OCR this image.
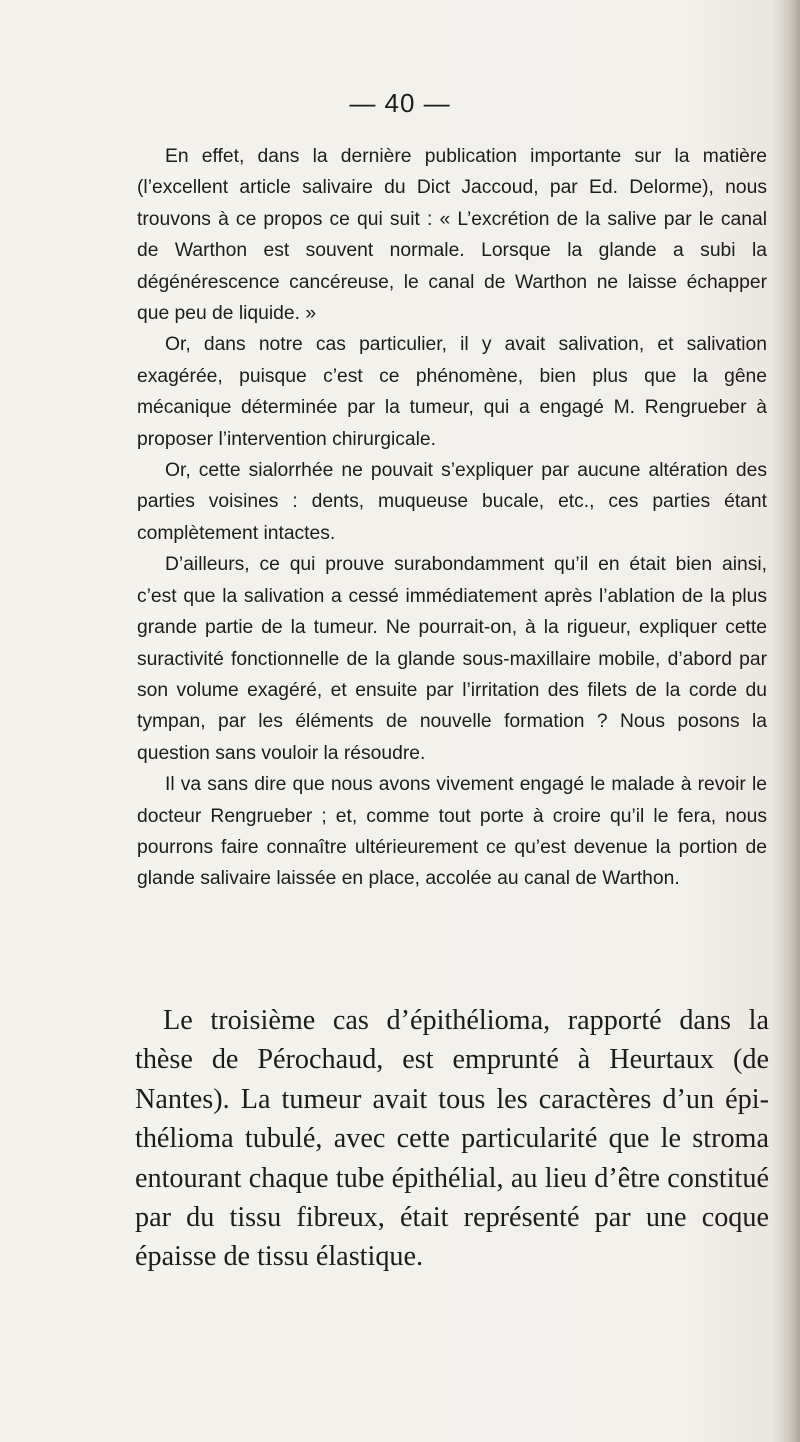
— 40 —

En effet, dans la dernière publication importante sur la matière (l’excellent article salivaire du Dict Jaccoud, par Ed. Delorme), nous trouvons à ce propos ce qui suit : « L’excrétion de la salive par le canal de Warthon est souvent normale. Lorsque la glande a subi la dégénérescence cancéreuse, le canal de Warthon ne laisse échapper que peu de liquide. »

Or, dans notre cas particulier, il y avait salivation, et salivation exagérée, puisque c’est ce phénomène, bien plus que la gêne mécanique déterminée par la tumeur, qui a engagé M. Rengrueber à proposer l’intervention chirurgicale.

Or, cette sialorrhée ne pouvait s’expliquer par aucune altération des parties voisines : dents, muqueuse bucale, etc., ces parties étant complètement intactes.

D’ailleurs, ce qui prouve surabondamment qu’il en était bien ainsi, c’est que la salivation a cessé immédiatement après l’ablation de la plus grande partie de la tumeur. Ne pourrait-on, à la rigueur, expliquer cette suractivité fonctionnelle de la glande sous-maxillaire mobile, d’abord par son volume exagéré, et ensuite par l’irritation des filets de la corde du tympan, par les éléments de nouvelle formation ? Nous posons la question sans vouloir la résoudre.

Il va sans dire que nous avons vivement engagé le malade à revoir le docteur Rengrueber ; et, comme tout porte à croire qu’il le fera, nous pourrons faire connaître ultérieurement ce qu’est devenue la portion de glande salivaire laissée en place, accolée au canal de Warthon.

Le troisième cas d’épithélioma, rapporté dans la thèse de Pérochaud, est emprunté à Heurtaux (de Nantes). La tumeur avait tous les caractères d’un épithélioma tubulé, avec cette particularité que le stroma entourant chaque tube épithélial, au lieu d’être constitué par du tissu fibreux, était représenté par une coque épaisse de tissu élastique.
